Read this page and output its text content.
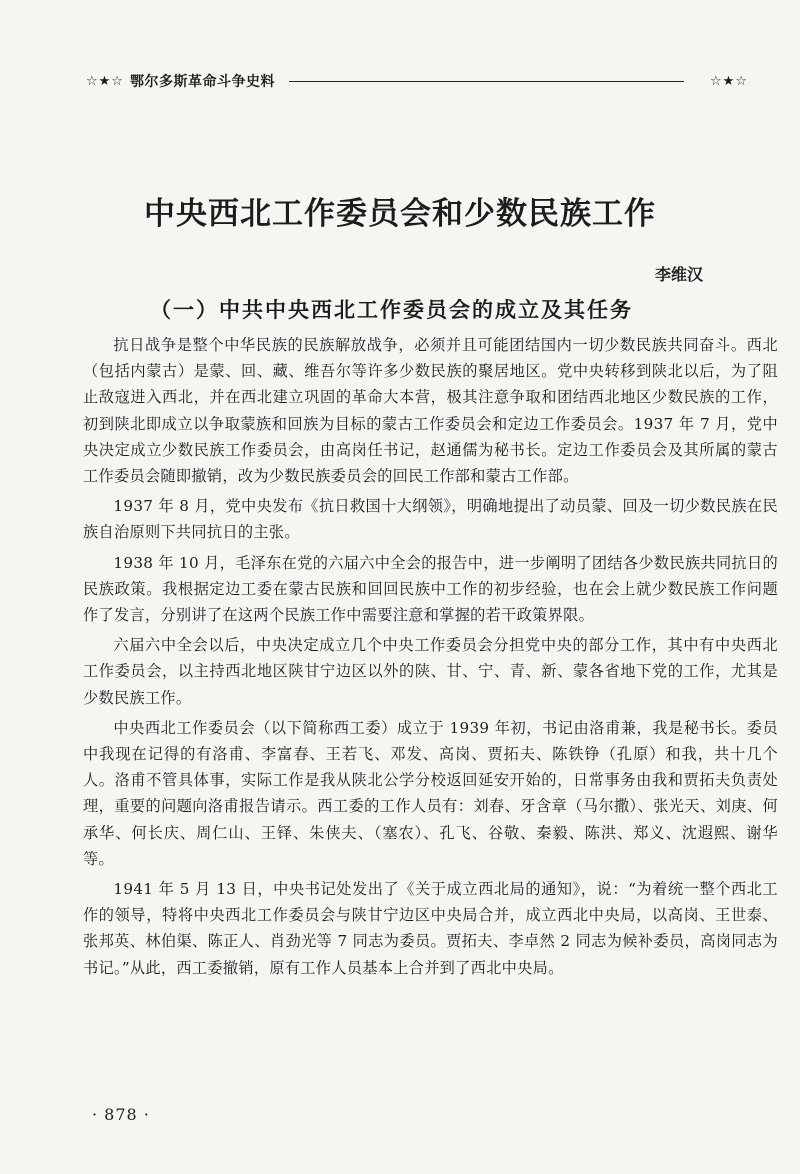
☆★☆ 鄂尔多斯革命斗争史料	☆★☆
中央西北工作委员会和少数民族工作
李维汉
（一）中共中央西北工作委员会的成立及其任务

抗日战争是整个中华民族的民族解放战争，必须并且可能团结国内一切少数民族共同奋斗。西北（包括内蒙古）是蒙、回、藏、维吾尔等许多少数民族的聚居地区。党中央转移到陕北以后，为了阻止敌寇进入西北，并在西北建立巩固的革命大本营，极其注意争取和团结西北地区少数民族的工作，初到陕北即成立以争取蒙族和回族为目标的蒙古工作委员会和定边工作委员会。1937 年 7 月，党中央决定成立少数民族工作委员会，由高岗任书记，赵通儒为秘书长。定边工作委员会及其所属的蒙古工作委员会随即撤销，改为少数民族委员会的回民工作部和蒙古工作部。

1937 年 8 月，党中央发布《抗日救国十大纲领》，明确地提出了动员蒙、回及一切少数民族在民族自治原则下共同抗日的主张。

1938 年 10 月，毛泽东在党的六届六中全会的报告中，进一步阐明了团结各少数民族共同抗日的民族政策。我根据定边工委在蒙古民族和回回民族中工作的初步经验，也在会上就少数民族工作问题作了发言，分别讲了在这两个民族工作中需要注意和掌握的若干政策界限。

六届六中全会以后，中央决定成立几个中央工作委员会分担党中央的部分工作，其中有中央西北工作委员会，以主持西北地区陕甘宁边区以外的陕、甘、宁、青、新、蒙各省地下党的工作，尤其是少数民族工作。

中央西北工作委员会（以下简称西工委）成立于 1939 年初，书记由洛甫兼，我是秘书长。委员中我现在记得的有洛甫、李富春、王若飞、邓发、高岗、贾拓夫、陈铁铮（孔原）和我，共十几个人。洛甫不管具体事，实际工作是我从陕北公学分校返回延安开始的，日常事务由我和贾拓夫负责处理，重要的问题向洛甫报告请示。西工委的工作人员有：刘春、牙含章（马尔撒）、张光天、刘庚、何承华、何长庆、周仁山、王铎、朱侠夫、（塞农）、孔飞、谷敬、秦毅、陈洪、郑义、沈遐熙、谢华等。

1941 年 5 月 13 日，中央书记处发出了《关于成立西北局的通知》，说：“为着统一整个西北工作的领导，特将中央西北工作委员会与陕甘宁边区中央局合并，成立西北中央局，以高岗、王世泰、张邦英、林伯渠、陈正人、肖劲光等 7 同志为委员。贾拓夫、李卓然 2 同志为候补委员，高岗同志为书记。”从此，西工委撤销，原有工作人员基本上合并到了西北中央局。

· 878 ·
